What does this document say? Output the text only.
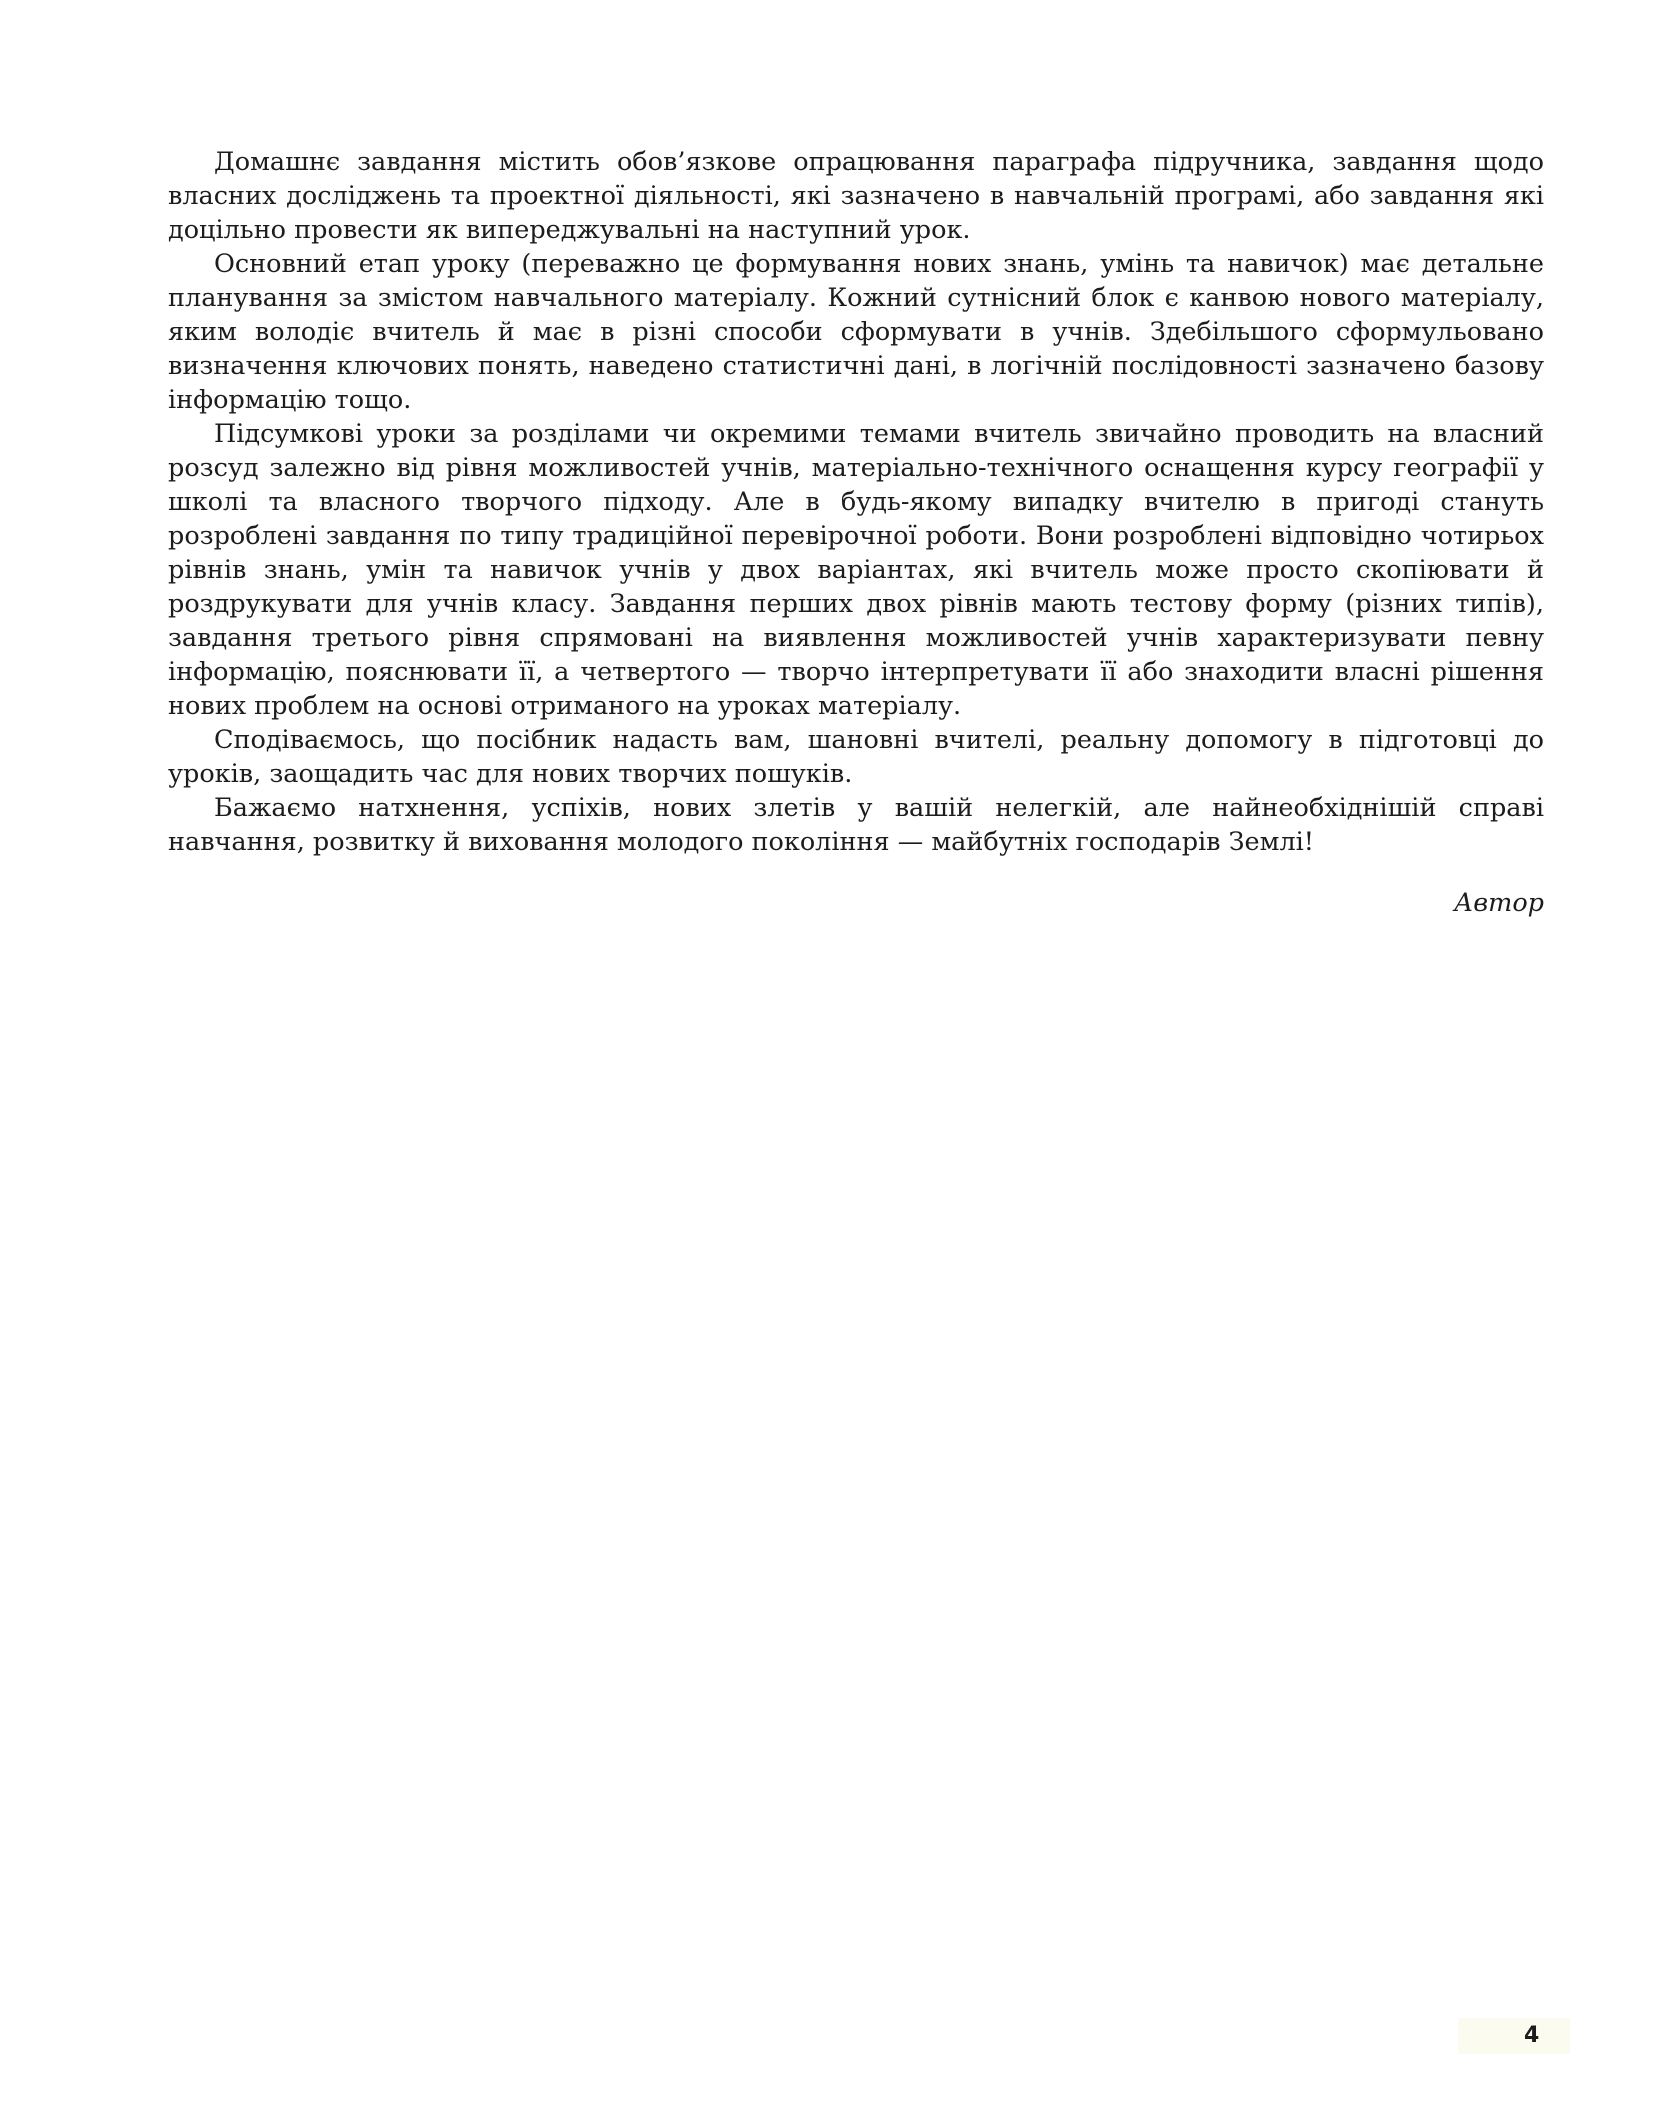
Домашнє завдання містить обов’язкове опрацювання параграфа підручника, завдання щодо власних досліджень та проектної діяльності, які зазначено в навчальній програмі, або завдання які доцільно провести як випереджувальні на наступний урок.

Основний етап уроку (переважно це формування нових знань, умінь та навичок) має детальне планування за змістом навчального матеріалу. Кожний сутнісний блок є канвою нового матеріалу, яким володіє вчитель й має в різні способи сформувати в учнів. Здебільшого сформульовано визначення ключових понять, наведено статистичні дані, в логічній послідовності зазначено базову інформацію тощо.

Підсумкові уроки за розділами чи окремими темами вчитель звичайно проводить на власний розсуд залежно від рівня можливостей учнів, матеріально-технічного оснащення курсу географії у школі та власного творчого підходу. Але в будь-якому випадку вчителю в пригоді стануть розроблені завдання по типу традиційної перевірочної роботи. Вони розроблені відповідно чотирьох рівнів знань, умін та навичок учнів у двох варіантах, які вчитель може просто скопіювати й роздрукувати для учнів класу. Завдання перших двох рівнів мають тестову форму (різних типів), завдання третього рівня спрямовані на виявлення можливостей учнів характеризувати певну інформацію, пояснювати її, а четвертого — творчо інтерпретувати її або знаходити власні рішення нових проблем на основі отриманого на уроках матеріалу.

Сподіваємось, що посібник надасть вам, шановні вчителі, реальну допомогу в підготовці до уроків, заощадить час для нових творчих пошуків.

Бажаємо натхнення, успіхів, нових злетів у вашій нелегкій, але найнеобхіднішій справі навчання, розвитку й виховання молодого покоління — майбутніх господарів Землі!

Автор
4
